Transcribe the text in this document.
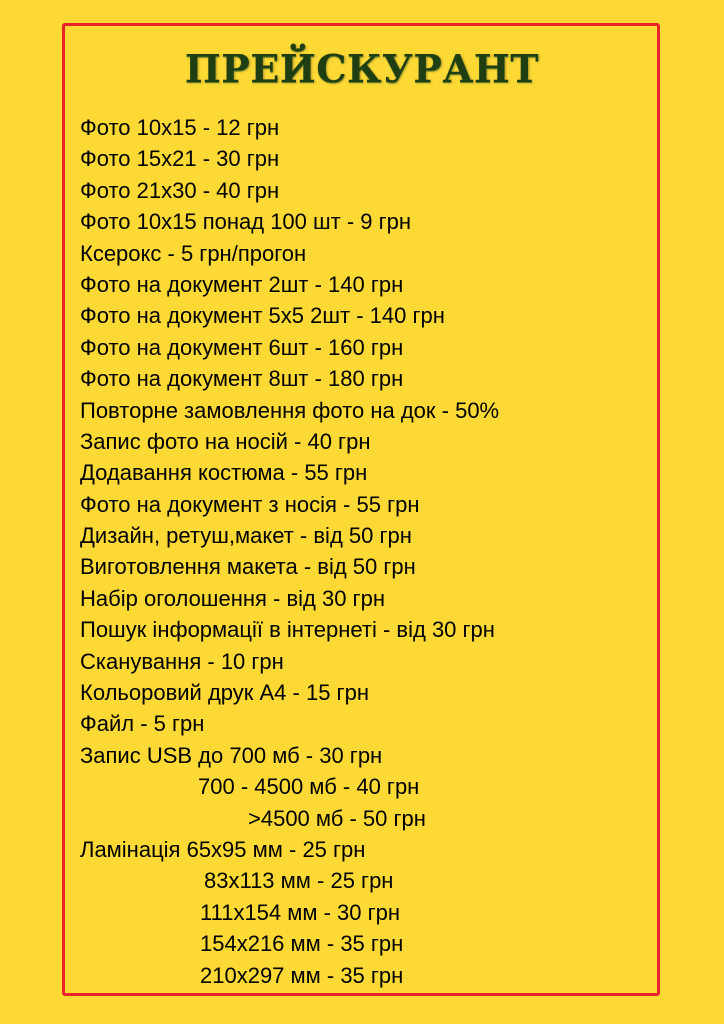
ПРЕЙСКУРАНТ
Фото 10х15 - 12 грн
Фото 15х21 - 30 грн
Фото 21х30 - 40 грн
Фото 10х15 понад 100 шт - 9 грн
Ксерокс - 5 грн/прогон
Фото на документ 2шт - 140 грн
Фото на документ 5х5 2шт - 140 грн
Фото на документ 6шт - 160 грн
Фото на документ 8шт - 180 грн
Повторне замовлення фото на док - 50%
Запис фото на носій - 40 грн
Додавання костюма - 55 грн
Фото на документ з носія - 55 грн
Дизайн, ретуш,макет - від 50 грн
Виготовлення макета - від 50 грн
Набір оголошення - від 30 грн
Пошук інформації в інтернеті - від 30 грн
Сканування - 10 грн
Кольоровий друк А4 - 15 грн
Файл - 5 грн
Запис USB до 700 мб - 30 грн
700 - 4500 мб - 40 грн
>4500 мб - 50 грн
Ламінація 65х95 мм - 25 грн
83х113 мм - 25 грн
111х154 мм - 30 грн
154х216 мм - 35 грн
210х297 мм - 35 грн
